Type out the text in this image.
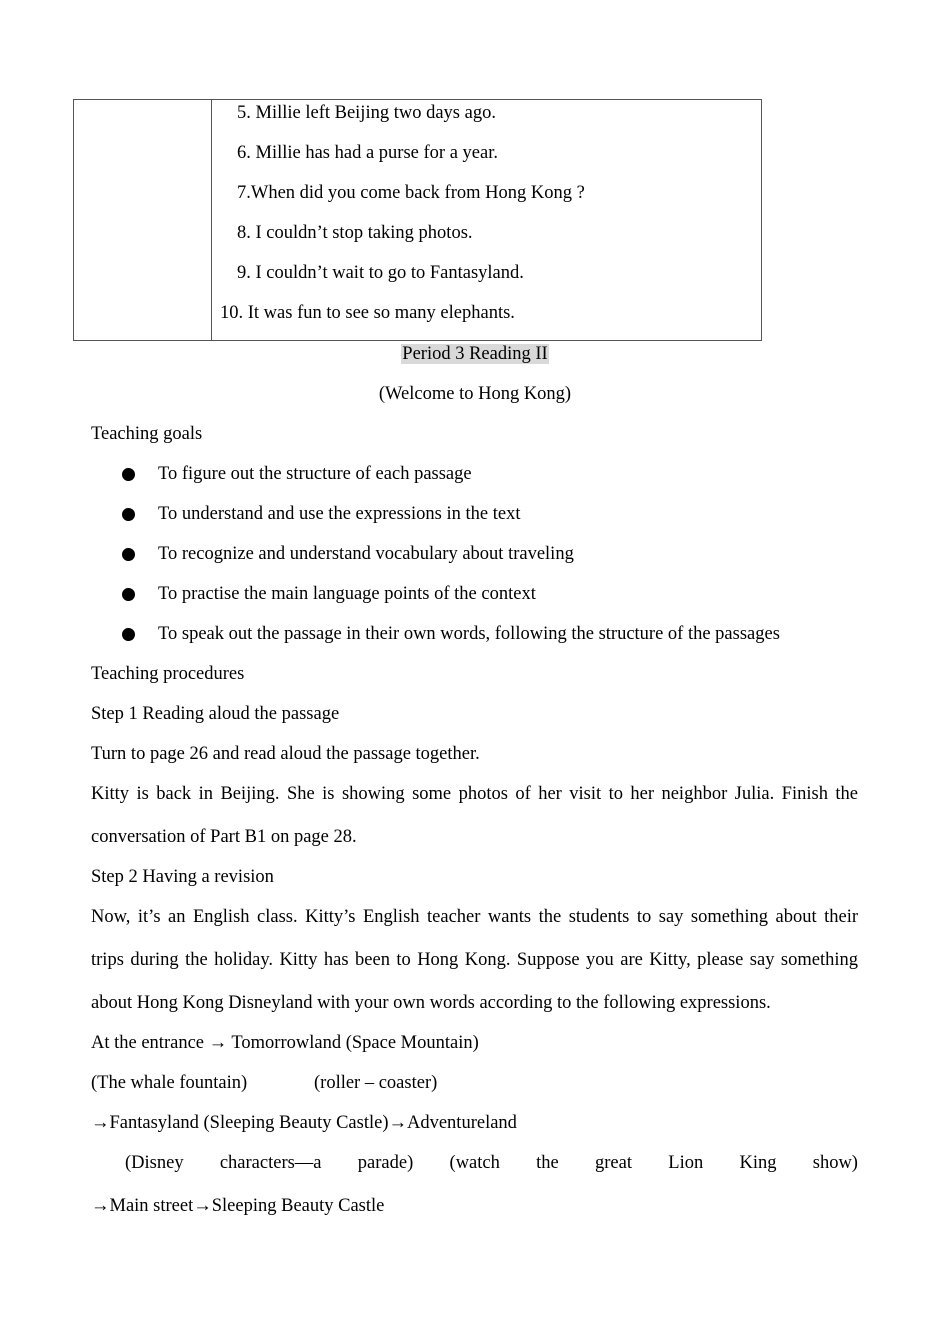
5. Millie left Beijing two days ago.
6. Millie has had a purse for a year.
7.When did you come back from Hong Kong ?
8. I couldn’t stop taking photos.
9. I couldn’t wait to go to Fantasyland.
10. It was fun to see so many elephants.
Period 3 Reading II
(Welcome to Hong Kong)
Teaching goals
To figure out the structure of each passage
To understand and use the expressions in the text
To recognize and understand vocabulary about traveling
To practise the main language points of the context
To speak out the passage in their own words, following the structure of the passages
Teaching procedures
Step 1 Reading aloud the passage
Turn to page 26 and read aloud the passage together.
Kitty is back in Beijing. She is showing some photos of her visit to her neighbor Julia. Finish the
conversation of Part B1 on page 28.
Step 2 Having a revision
Now, it’s an English class. Kitty’s English teacher wants the students to say something about their
trips during the holiday. Kitty has been to Hong Kong. Suppose you are Kitty, please say something
about Hong Kong Disneyland with your own words according to the following expressions.
At the entrance → Tomorrowland (Space Mountain)
(The whale fountain)	(roller – coaster)
→Fantasyland (Sleeping Beauty Castle)→Adventureland
(Disney characters—a parade) (watch the great Lion King show)
→Main street→Sleeping Beauty Castle
